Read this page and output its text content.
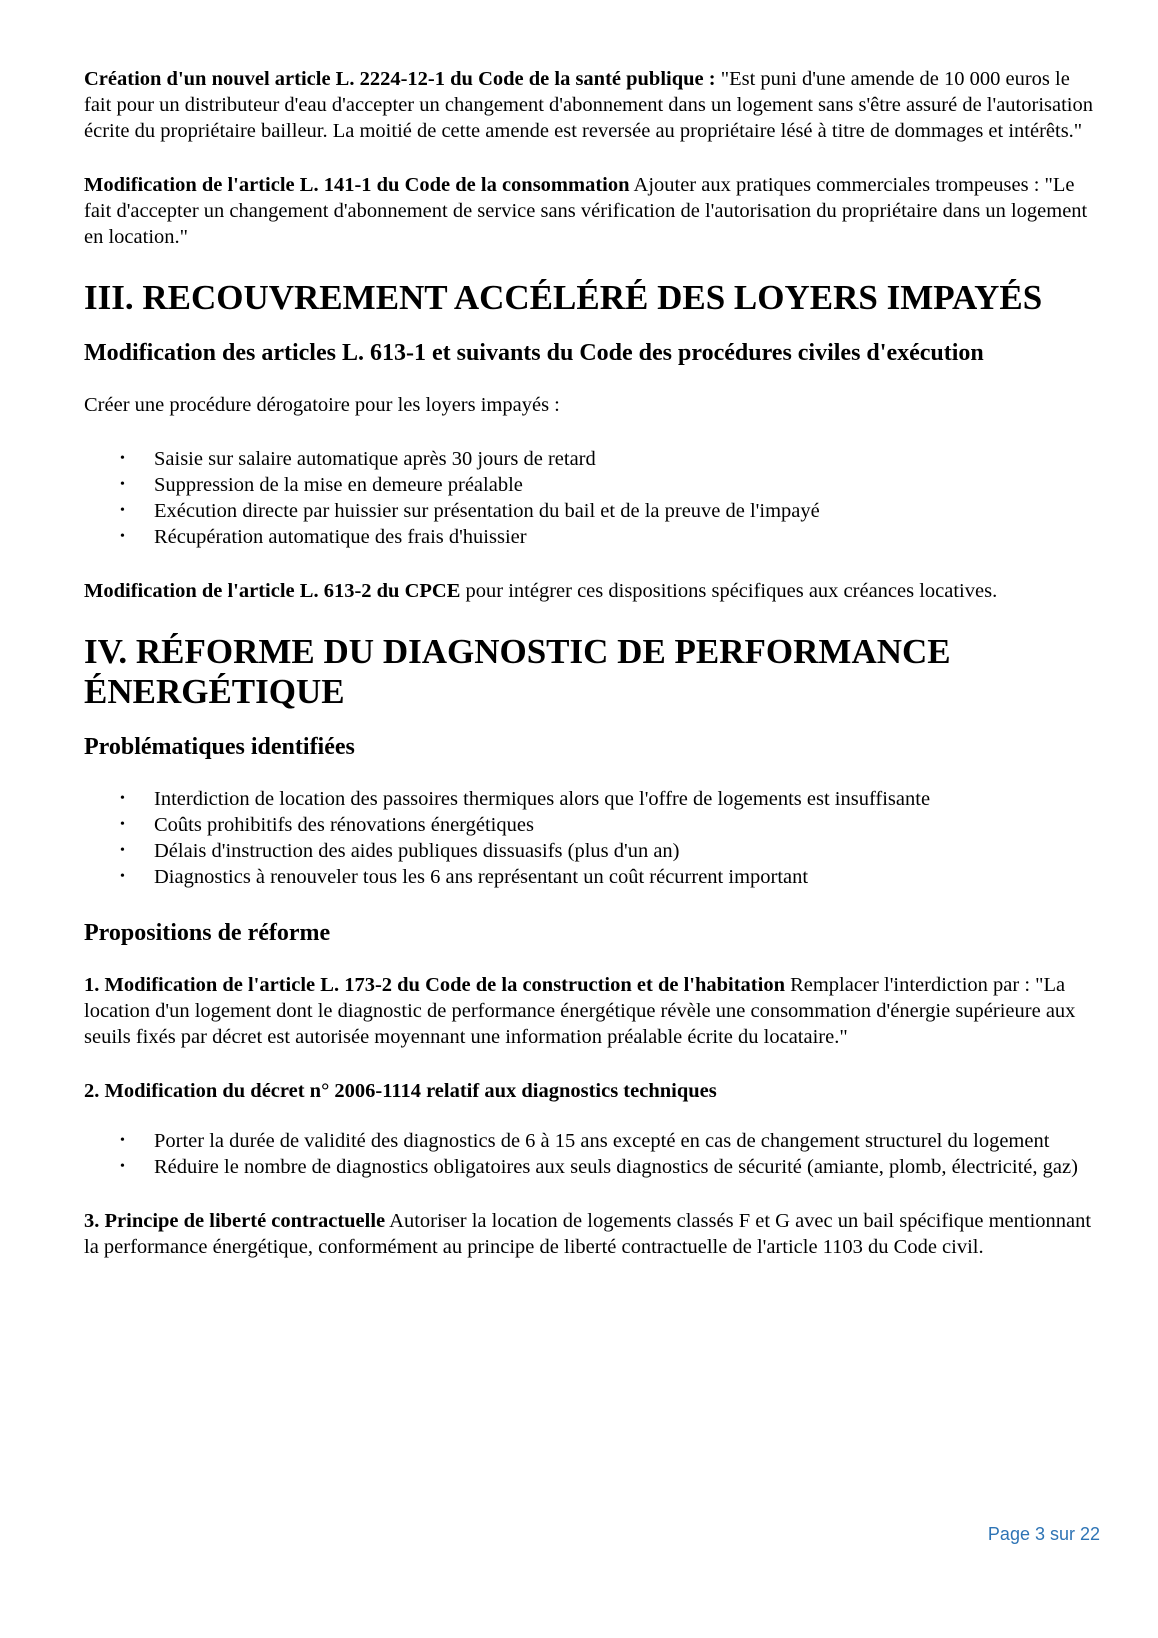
Création d'un nouvel article L. 2224-12-1 du Code de la santé publique : "Est puni d'une amende de 10 000 euros le fait pour un distributeur d'eau d'accepter un changement d'abonnement dans un logement sans s'être assuré de l'autorisation écrite du propriétaire bailleur. La moitié de cette amende est reversée au propriétaire lésé à titre de dommages et intérêts."

Modification de l'article L. 141-1 du Code de la consommation Ajouter aux pratiques commerciales trompeuses : "Le fait d'accepter un changement d'abonnement de service sans vérification de l'autorisation du propriétaire dans un logement en location."

III. RECOUVREMENT ACCÉLÉRÉ DES LOYERS IMPAYÉS
Modification des articles L. 613-1 et suivants du Code des procédures civiles d'exécution

Créer une procédure dérogatoire pour les loyers impayés :

• Saisie sur salaire automatique après 30 jours de retard
• Suppression de la mise en demeure préalable
• Exécution directe par huissier sur présentation du bail et de la preuve de l'impayé
• Récupération automatique des frais d'huissier

Modification de l'article L. 613-2 du CPCE pour intégrer ces dispositions spécifiques aux créances locatives.

IV. RÉFORME DU DIAGNOSTIC DE PERFORMANCE ÉNERGÉTIQUE
Problématiques identifiées
• Interdiction de location des passoires thermiques alors que l'offre de logements est insuffisante
• Coûts prohibitifs des rénovations énergétiques
• Délais d'instruction des aides publiques dissuasifs (plus d'un an)
• Diagnostics à renouveler tous les 6 ans représentant un coût récurrent important
Propositions de réforme

1. Modification de l'article L. 173-2 du Code de la construction et de l'habitation Remplacer l'interdiction par : "La location d'un logement dont le diagnostic de performance énergétique révèle une consommation d'énergie supérieure aux seuils fixés par décret est autorisée moyennant une information préalable écrite du locataire."

2. Modification du décret n° 2006-1114 relatif aux diagnostics techniques
• Porter la durée de validité des diagnostics de 6 à 15 ans excepté en cas de changement structurel du logement
• Réduire le nombre de diagnostics obligatoires aux seuls diagnostics de sécurité (amiante, plomb, électricité, gaz)

3. Principe de liberté contractuelle Autoriser la location de logements classés F et G avec un bail spécifique mentionnant la performance énergétique, conformément au principe de liberté contractuelle de l'article 1103 du Code civil.

Page 3 sur 22
